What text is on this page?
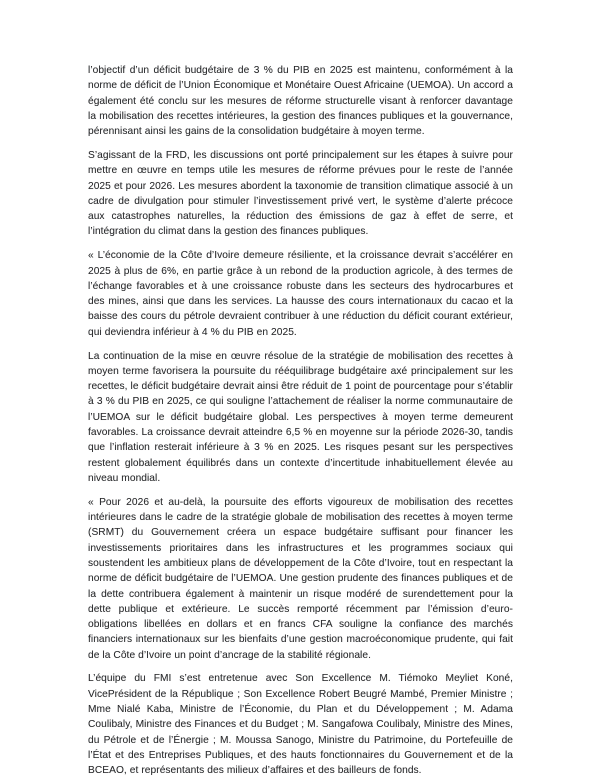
l’objectif d’un déficit budgétaire de 3 % du PIB en 2025 est maintenu, conformément à la norme de déficit de l’Union Économique et Monétaire Ouest Africaine (UEMOA). Un accord a également été conclu sur les mesures de réforme structurelle visant à renforcer davantage la mobilisation des recettes intérieures, la gestion des finances publiques et la gouvernance, pérennisant ainsi les gains de la consolidation budgétaire à moyen terme.

S’agissant de la FRD, les discussions ont porté principalement sur les étapes à suivre pour mettre en œuvre en temps utile les mesures de réforme prévues pour le reste de l’année 2025 et pour 2026. Les mesures abordent la taxonomie de transition climatique associé à un cadre de divulgation pour stimuler l’investissement privé vert, le système d’alerte précoce aux catastrophes naturelles, la réduction des émissions de gaz à effet de serre, et l’intégration du climat dans la gestion des finances publiques.

« L’économie de la Côte d’Ivoire demeure résiliente, et la croissance devrait s’accélérer en 2025 à plus de 6%, en partie grâce à un rebond de la production agricole, à des termes de l’échange favorables et à une croissance robuste dans les secteurs des hydrocarbures et des mines, ainsi que dans les services. La hausse des cours internationaux du cacao et la baisse des cours du pétrole devraient contribuer à une réduction du déficit courant extérieur, qui deviendra inférieur à 4 % du PIB en 2025.

La continuation de la mise en œuvre résolue de la stratégie de mobilisation des recettes à moyen terme favorisera la poursuite du rééquilibrage budgétaire axé principalement sur les recettes, le déficit budgétaire devrait ainsi être réduit de 1 point de pourcentage pour s’établir à 3 % du PIB en 2025, ce qui souligne l’attachement de réaliser la norme communautaire de l’UEMOA sur le déficit budgétaire global. Les perspectives à moyen terme demeurent favorables. La croissance devrait atteindre 6,5 % en moyenne sur la période 2026-30, tandis que l’inflation resterait inférieure à 3 % en 2025. Les risques pesant sur les perspectives restent globalement équilibrés dans un contexte d’incertitude inhabituellement élevée au niveau mondial.

« Pour 2026 et au-delà, la poursuite des efforts vigoureux de mobilisation des recettes intérieures dans le cadre de la stratégie globale de mobilisation des recettes à moyen terme (SRMT) du Gouvernement créera un espace budgétaire suffisant pour financer les investissements prioritaires dans les infrastructures et les programmes sociaux qui soustendent les ambitieux plans de développement de la Côte d’Ivoire, tout en respectant la norme de déficit budgétaire de l’UEMOA. Une gestion prudente des finances publiques et de la dette contribuera également à maintenir un risque modéré de surendettement pour la dette publique et extérieure. Le succès remporté récemment par l’émission d’euro-obligations libellées en dollars et en francs CFA souligne la confiance des marchés financiers internationaux sur les bienfaits d’une gestion macroéconomique prudente, qui fait de la Côte d’Ivoire un point d’ancrage de la stabilité régionale.

L’équipe du FMI s’est entretenue avec Son Excellence M. Tiémoko Meyliet Koné, VicePrésident de la République ; Son Excellence Robert Beugré Mambé, Premier Ministre ; Mme Nialé Kaba, Ministre de l’Économie, du Plan et du Développement ; M. Adama Coulibaly, Ministre des Finances et du Budget ; M. Sangafowa Coulibaly, Ministre des Mines, du Pétrole et de l’Énergie ; M. Moussa Sanogo, Ministre du Patrimoine, du Portefeuille de l’État et des Entreprises Publiques, et des hauts fonctionnaires du Gouvernement et de la BCEAO, et représentants des milieux d’affaires et des bailleurs de fonds.
